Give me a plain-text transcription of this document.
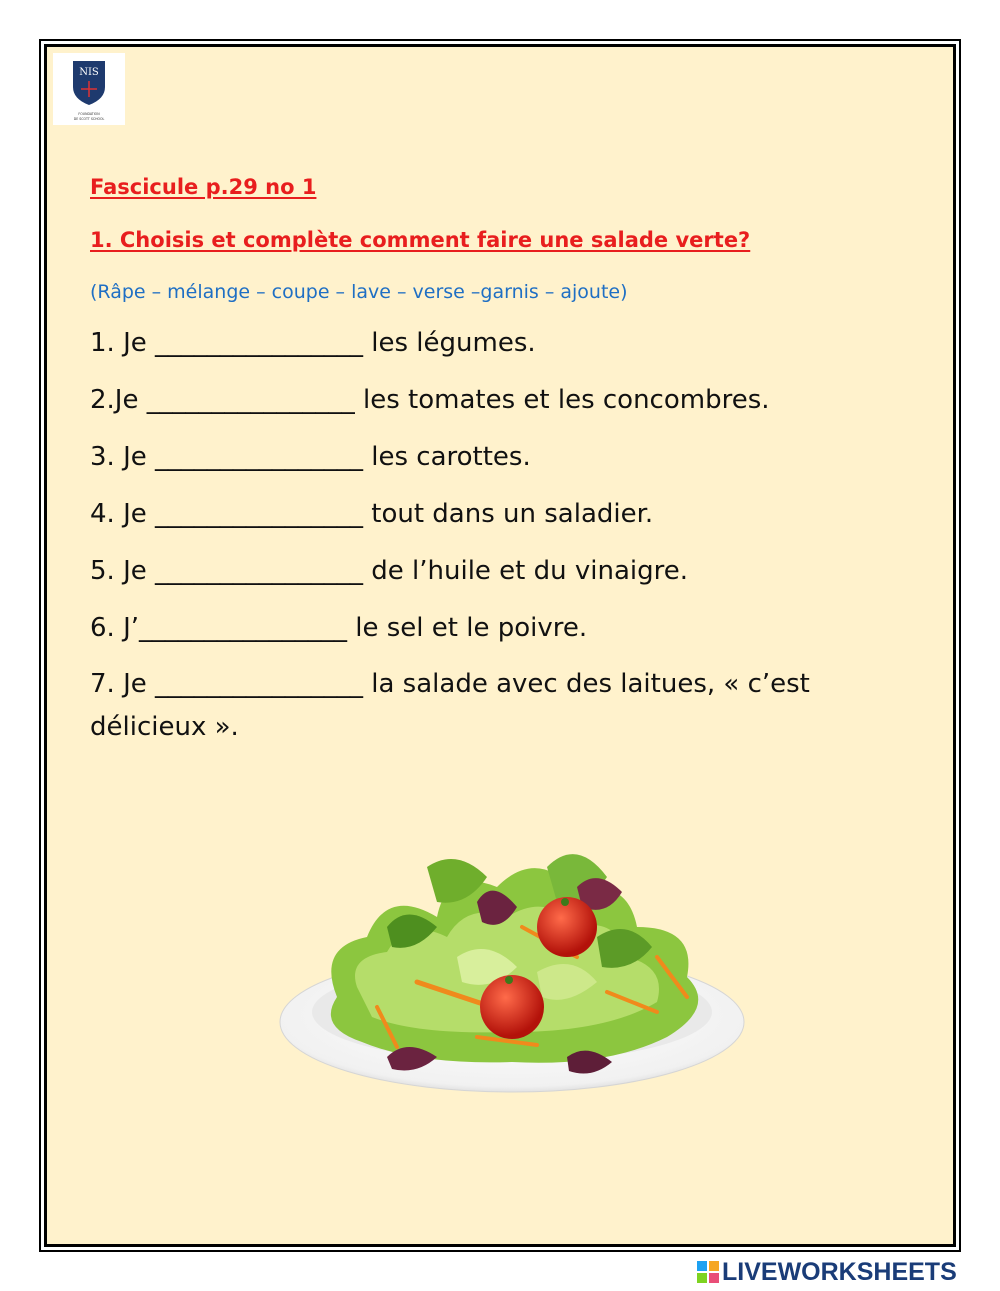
NIS
FOUNDATION
DE SCOTT SCHOOL
Fascicule p.29 no 1
1. Choisis et complète comment faire une salade verte?
(Râpe – mélange – coupe – lave – verse –garnis – ajoute)

1. Je ________________ les légumes.

2.Je ________________ les tomates et les concombres.

3. Je ________________ les carottes.

4. Je ________________ tout dans un saladier.

5. Je ________________ de l’huile et du vinaigre.

6. J’________________ le sel et le poivre.

7. Je ________________ la salade avec des laitues, « c’est délicieux ».

LIVEWORKSHEETS
